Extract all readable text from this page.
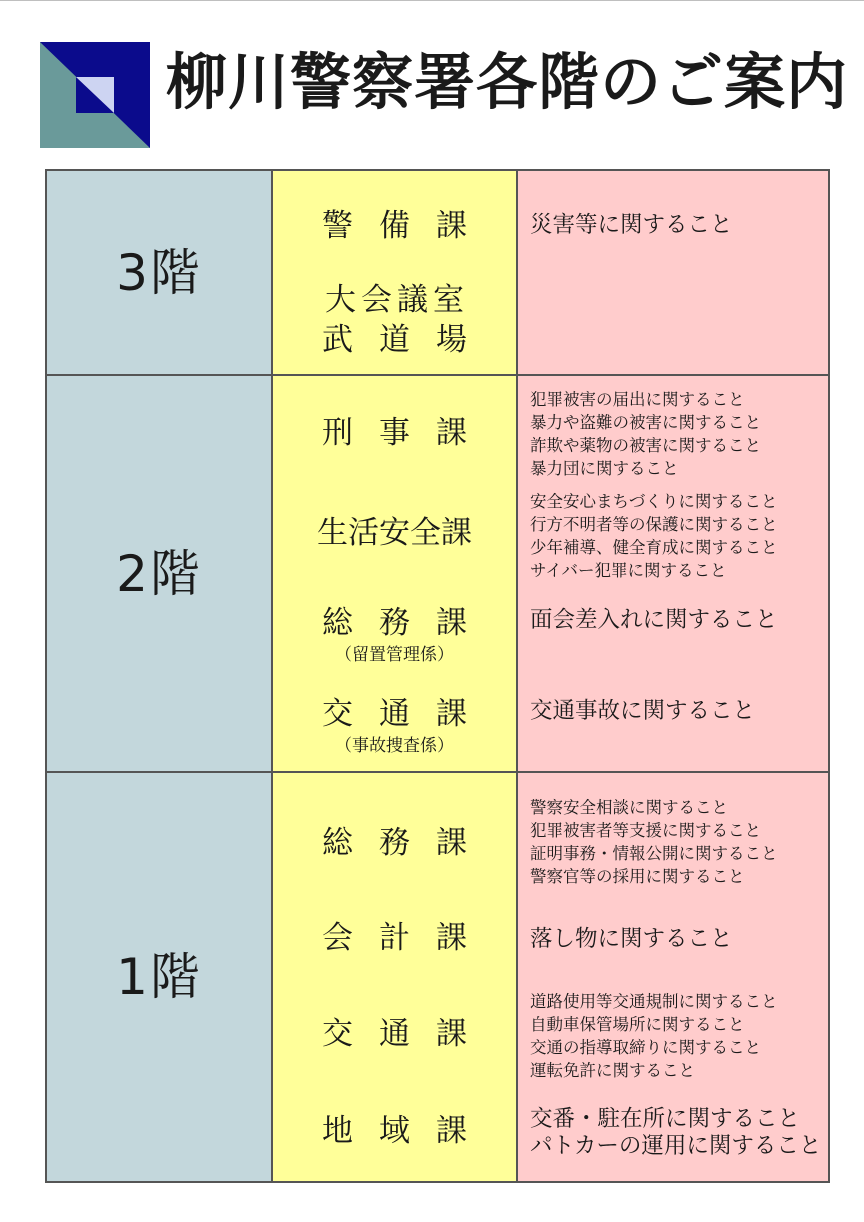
柳川警察署各階のご案内
3階
警備課
大会議室
武道場
災害等に関すること
2階
刑事課
生活安全課
総務課
（留置管理係）
交通課
（事故捜査係）
犯罪被害の届出に関すること
暴力や盗難の被害に関すること
詐欺や薬物の被害に関すること
暴力団に関すること
安全安心まちづくりに関すること
行方不明者等の保護に関すること
少年補導、健全育成に関すること
サイバー犯罪に関すること
面会差入れに関すること
交通事故に関すること
1階
総務課
会計課
交通課
地域課
警察安全相談に関すること
犯罪被害者等支援に関すること
証明事務・情報公開に関すること
警察官等の採用に関すること
落し物に関すること
道路使用等交通規制に関すること
自動車保管場所に関すること
交通の指導取締りに関すること
運転免許に関すること
交番・駐在所に関すること
パトカーの運用に関すること
